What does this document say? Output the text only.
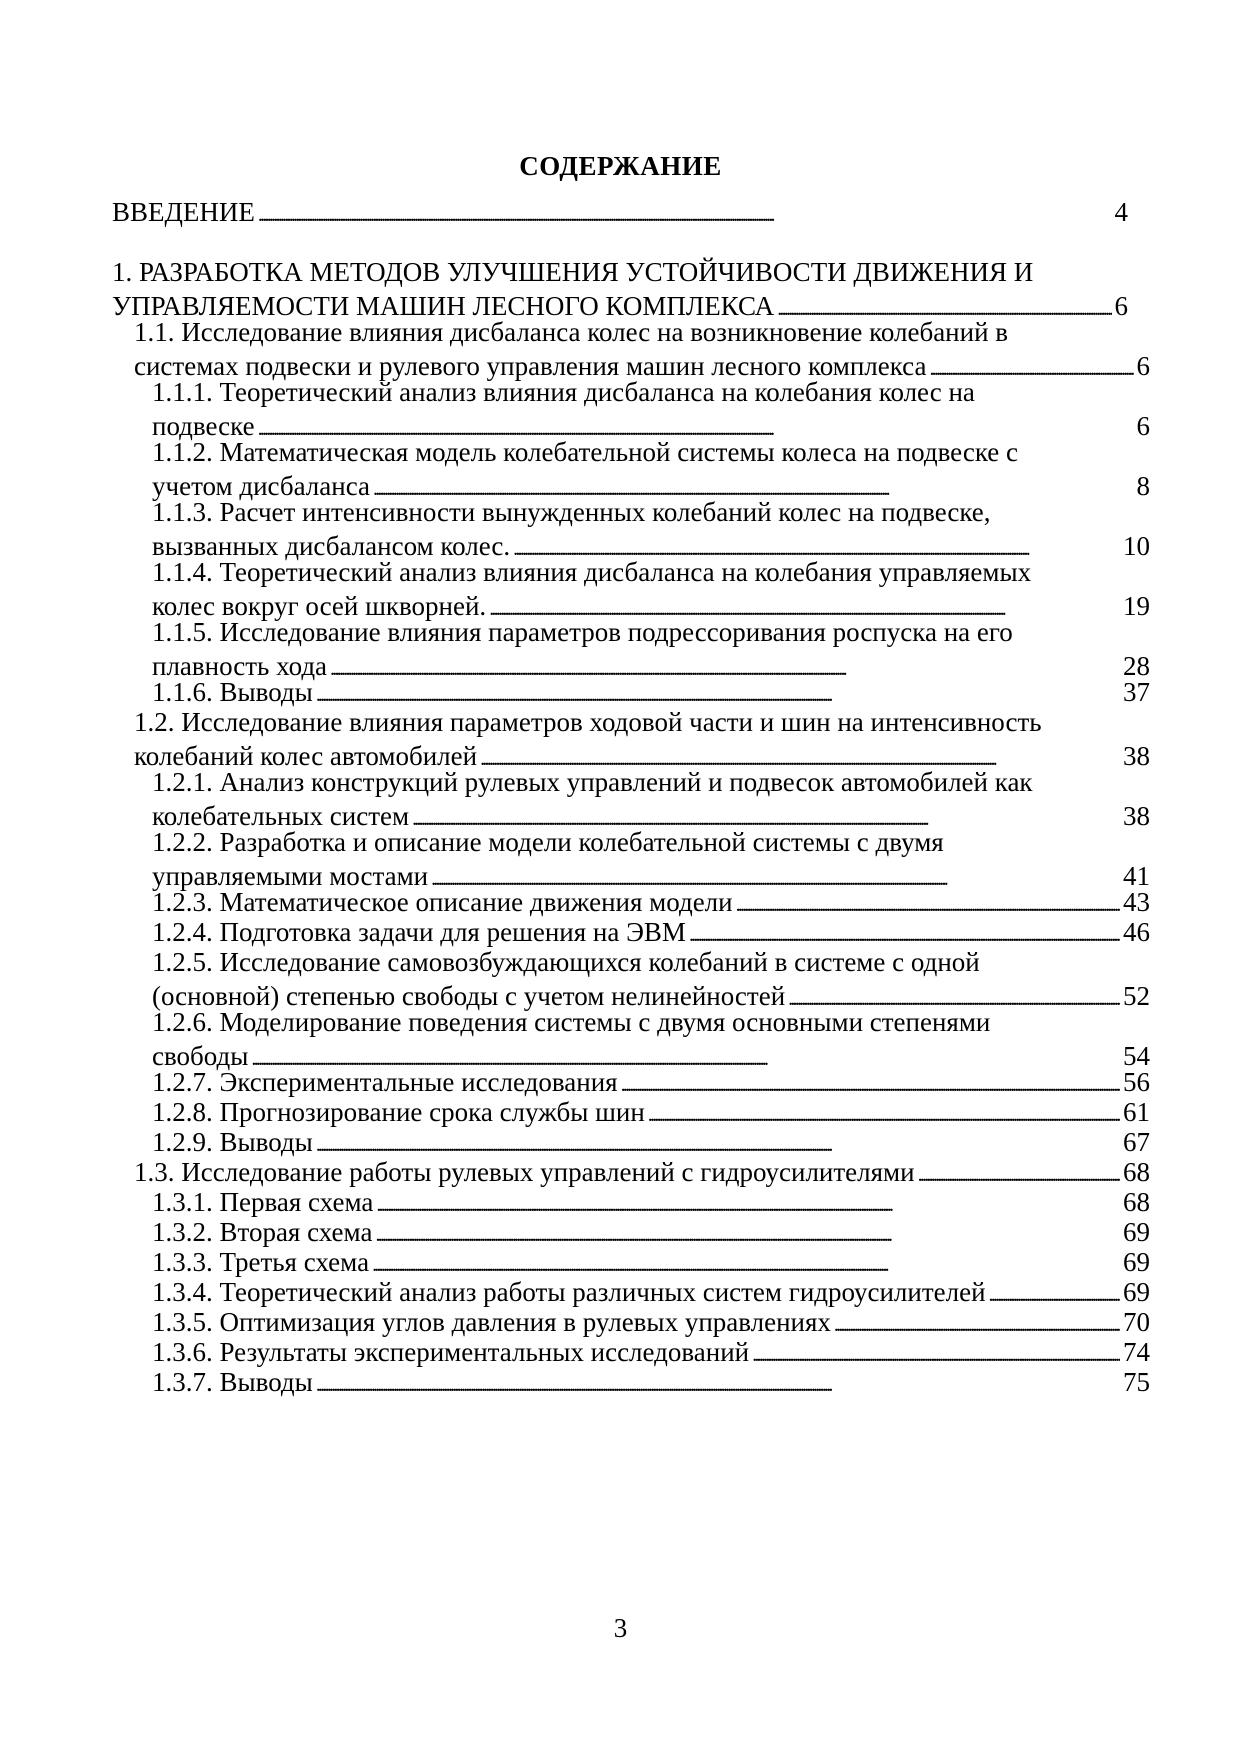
СОДЕРЖАНИЕ
ВВЕДЕНИЕ . . .	4
1. РАЗРАБОТКА МЕТОДОВ УЛУЧШЕНИЯ УСТОЙЧИВОСТИ ДВИЖЕНИЯ И
УПРАВЛЯЕМОСТИ МАШИН ЛЕСНОГО КОМПЛЕКСА . . .	6
1.1. Исследование влияния дисбаланса колес на возникновение колебаний в
системах подвески и рулевого управления машин лесного комплекса . . .	6
1.1.1. Теоретический анализ влияния дисбаланса на колебания колес на
подвеске . . .	6
1.1.2. Математическая модель колебательной системы колеса на подвеске с
учетом дисбаланса . . .	8
1.1.3. Расчет интенсивности вынужденных колебаний колес на подвеске,
вызванных дисбалансом колес. . . .	10
1.1.4. Теоретический анализ влияния дисбаланса на колебания управляемых
колес вокруг осей шкворней. . . .	19
1.1.5. Исследование влияния параметров подрессоривания роспуска на его
плавность хода . . .	28
1.1.6. Выводы . . .	37
1.2. Исследование влияния параметров ходовой части и шин на интенсивность
колебаний колес автомобилей . . .	38
1.2.1. Анализ конструкций рулевых управлений и подвесок автомобилей как
колебательных систем . . .	38
1.2.2. Разработка и описание модели колебательной системы с двумя
управляемыми мостами . . .	41
1.2.3. Математическое описание движения модели . . .	43
1.2.4. Подготовка задачи для решения на ЭВМ . . .	46
1.2.5. Исследование самовозбуждающихся колебаний в системе с одной
(основной) степенью свободы с учетом нелинейностей . . .	52
1.2.6. Моделирование поведения системы с двумя основными степенями
свободы . . .	54
1.2.7. Экспериментальные исследования . . .	56
1.2.8. Прогнозирование срока службы шин . . .	61
1.2.9. Выводы . . .	67
1.3. Исследование работы рулевых управлений с гидроусилителями . . .	68
1.3.1. Первая схема . . .	68
1.3.2. Вторая схема . . .	69
1.3.3. Третья схема . . .	69
1.3.4. Теоретический анализ работы различных систем гидроусилителей . . .	69
1.3.5. Оптимизация углов давления в рулевых управлениях . . .	70
1.3.6. Результаты экспериментальных исследований . . .	74
1.3.7. Выводы . . .	75
3
